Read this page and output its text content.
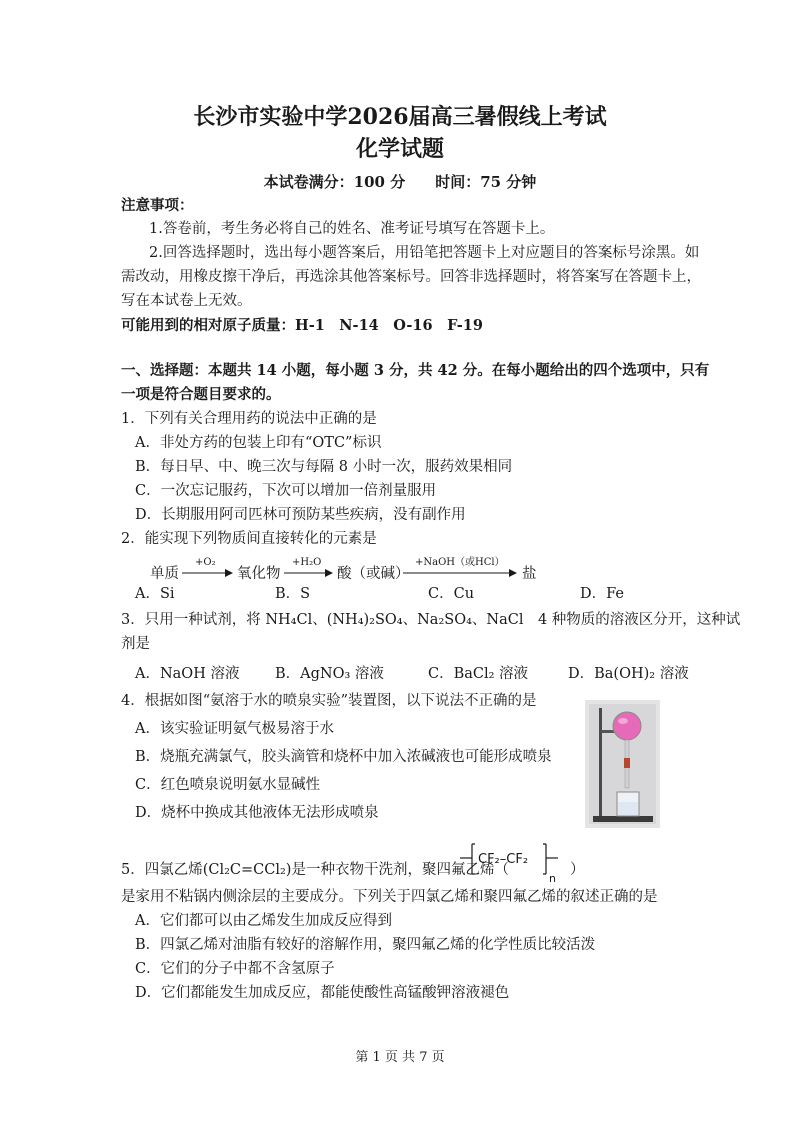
长沙市实验中学2026届高三暑假线上考试
化学试题
本试卷满分：100 分　　时间：75 分钟
注意事项：
1.答卷前，考生务必将自己的姓名、准考证号填写在答题卡上。
2.回答选择题时，选出每小题答案后，用铅笔把答题卡上对应题目的答案标号涂黑。如
需改动，用橡皮擦干净后，再选涂其他答案标号。回答非选择题时，将答案写在答题卡上，
写在本试卷上无效。
可能用到的相对原子质量：H-1　N-14　O-16　F-19
一、选择题：本题共 14 小题，每小题 3 分，共 42 分。在每小题给出的四个选项中，只有
一项是符合题目要求的。
1．下列有关合理用药的说法中正确的是
A．非处方药的包装上印有“OTC”标识
B．每日早、中、晚三次与每隔 8 小时一次，服药效果相同
C．一次忘记服药，下次可以增加一倍剂量服用
D．长期服用阿司匹林可预防某些疾病，没有副作用
2．能实现下列物质间直接转化的元素是
单质
+O₂
氧化物
+H₂O
酸（或碱）
+NaOH（或HCl）
盐
A．Si	B．S	C．Cu	D．Fe
3．只用一种试剂，将 NH₄Cl、(NH₄)₂SO₄、Na₂SO₄、NaCl　4 种物质的溶液区分开，这种试
剂是
A．NaOH 溶液 B．AgNO₃ 溶液	C．BaCl₂ 溶液	D．Ba(OH)₂ 溶液
4．根据如图“氨溶于水的喷泉实验”装置图，以下说法不正确的是
A．该实验证明氨气极易溶于水
B．烧瓶充满氯气，胶头滴管和烧杯中加入浓碱液也可能形成喷泉
C．红色喷泉说明氨水显碱性
D．烧杯中换成其他液体无法形成喷泉
5．四氯乙烯(Cl₂C=CCl₂)是一种衣物干洗剂，聚四氟乙烯（
CF₂–CF₂
n
）
是家用不粘锅内侧涂层的主要成分。下列关于四氯乙烯和聚四氟乙烯的叙述正确的是
A．它们都可以由乙烯发生加成反应得到
B．四氯乙烯对油脂有较好的溶解作用，聚四氟乙烯的化学性质比较活泼
C．它们的分子中都不含氢原子
D．它们都能发生加成反应，都能使酸性高锰酸钾溶液褪色
第 1 页 共 7 页
